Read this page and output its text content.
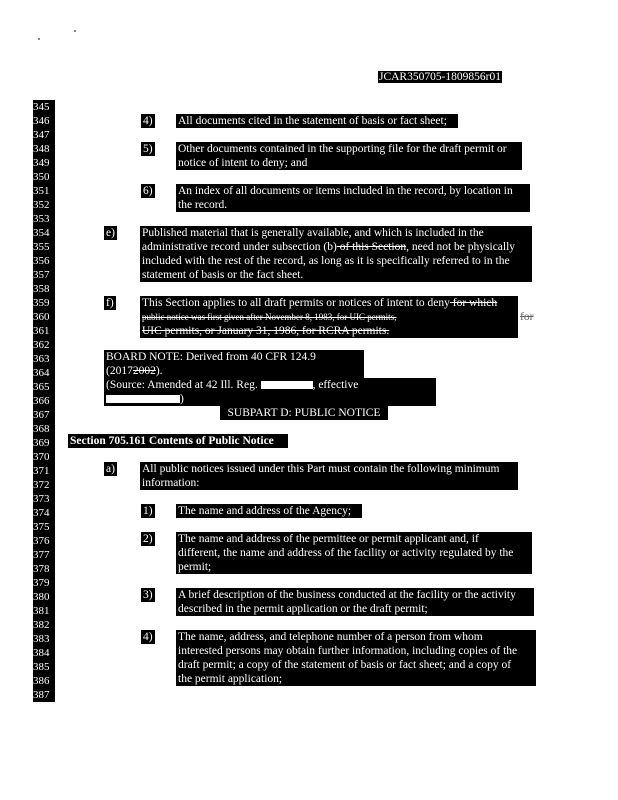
JCAR350705-1809856r01
345
346
347
348
349
350
351
352
353
354
355
356
357
358
359
360
361
362
363
364
365
366
367
368
369
370
371
372
373
374
375
376
377
378
379
380
381
382
383
384
385
386
387
4) All documents cited in the statement of basis or fact sheet;
5) Other documents contained in the supporting file for the draft permit or
notice of intent to deny; and
6) An index of all documents or items included in the record, by location in
the record.
e) Published material that is generally available, and which is included in the
administrative record under subsection (b) of this Section, need not be physically
included with the rest of the record, as long as it is specifically referred to in the
statement of basis or the fact sheet.
f) This Section applies to all draft permits or notices of intent to deny for which
public notice was first given after November 8, 1983, for UIC permits,
UIC permits, or January 31, 1986, for RCRA permits.
for
BOARD NOTE: Derived from 40 CFR 124.9 (20172002).
(Source: Amended at 42 Ill. Reg.	, effective )
SUBPART D: PUBLIC NOTICE
Section 705.161 Contents of Public Notice
a) All public notices issued under this Part must contain the following minimum
information:
1) The name and address of the Agency;
2) The name and address of the permittee or permit applicant and, if
different, the name and address of the facility or activity regulated by the
permit;
3) A brief description of the business conducted at the facility or the activity
described in the permit application or the draft permit;
4) The name, address, and telephone number of a person from whom
interested persons may obtain further information, including copies of the
draft permit; a copy of the statement of basis or fact sheet; and a copy of
the permit application;
